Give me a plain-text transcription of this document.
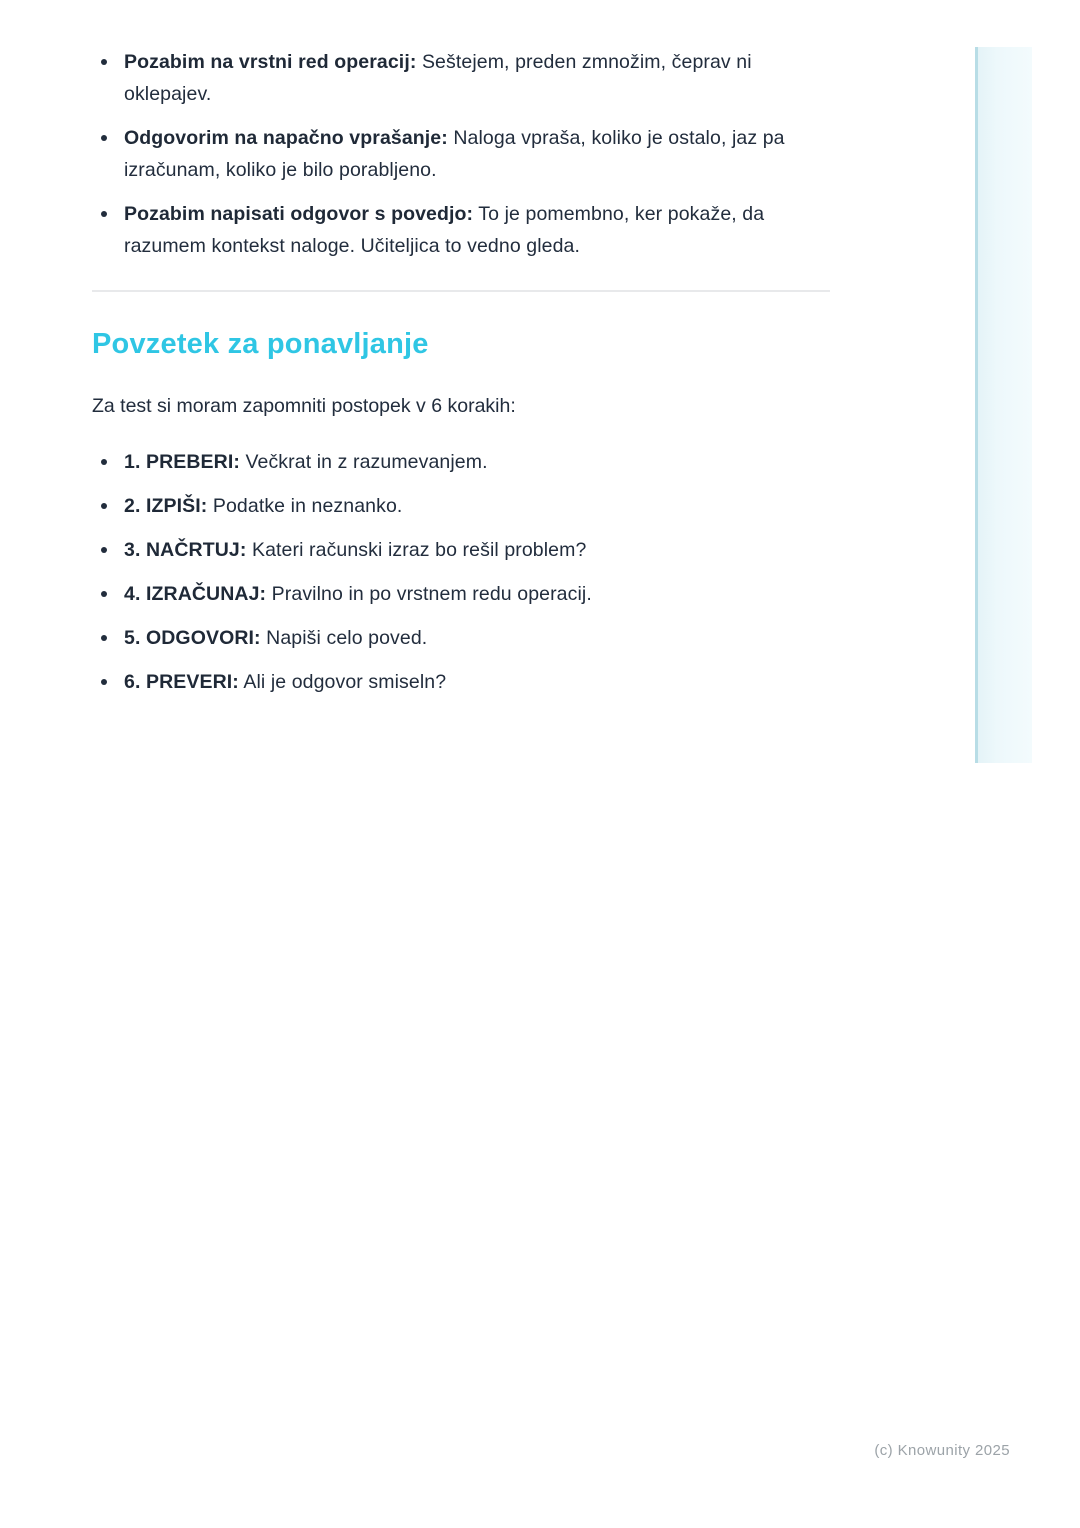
Pozabim na vrstni red operacij: Seštejem, preden zmnožim, čeprav ni oklepajev.
Odgovorim na napačno vprašanje: Naloga vpraša, koliko je ostalo, jaz pa izračunam, koliko je bilo porabljeno.
Pozabim napisati odgovor s povedjo: To je pomembno, ker pokaže, da razumem kontekst naloge. Učiteljica to vedno gleda.
Povzetek za ponavljanje

Za test si moram zapomniti postopek v 6 korakih:

1. PREBERI: Večkrat in z razumevanjem.
2. IZPIŠI: Podatke in neznanko.
3. NAČRTUJ: Kateri računski izraz bo rešil problem?
4. IZRAČUNAJ: Pravilno in po vrstnem redu operacij.
5. ODGOVORI: Napiši celo poved.
6. PREVERI: Ali je odgovor smiseln?
(c) Knowunity 2025
